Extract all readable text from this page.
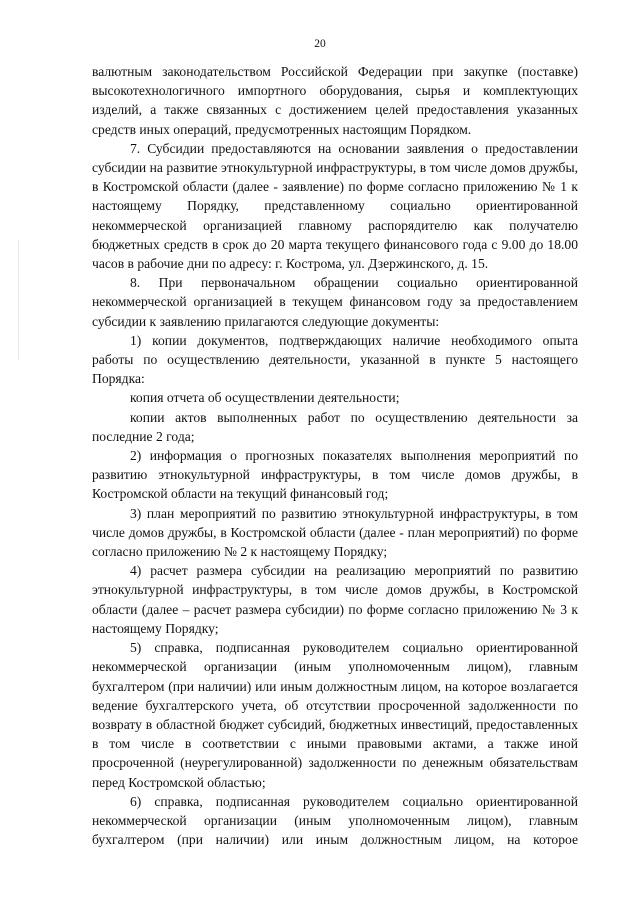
20

валютным законодательством Российской Федерации при закупке (поставке) высокотехнологичного импортного оборудования, сырья и комплектующих изделий, а также связанных с достижением целей предоставления указанных средств иных операций, предусмотренных настоящим Порядком.

7. Субсидии предоставляются на основании заявления о предоставлении субсидии на развитие этнокультурной инфраструктуры, в том числе домов дружбы, в Костромской области (далее - заявление) по форме согласно приложению № 1 к настоящему Порядку, представленному социально ориентированной некоммерческой организацией главному распорядителю как получателю бюджетных средств в срок до 20 марта текущего финансового года с 9.00 до 18.00 часов в рабочие дни по адресу: г. Кострома, ул. Дзержинского, д. 15.

8. При первоначальном обращении социально ориентированной некоммерческой организацией в текущем финансовом году за предоставлением субсидии к заявлению прилагаются следующие документы:

1) копии документов, подтверждающих наличие необходимого опыта работы по осуществлению деятельности, указанной в пункте 5 настоящего Порядка:

копия отчета об осуществлении деятельности;

копии актов выполненных работ по осуществлению деятельности за последние 2 года;

2) информация о прогнозных показателях выполнения мероприятий по развитию этнокультурной инфраструктуры, в том числе домов дружбы, в Костромской области на текущий финансовый год;

3) план мероприятий по развитию этнокультурной инфраструктуры, в том числе домов дружбы, в Костромской области (далее - план мероприятий) по форме согласно приложению № 2 к настоящему Порядку;

4) расчет размера субсидии на реализацию мероприятий по развитию этнокультурной инфраструктуры, в том числе домов дружбы, в Костромской области (далее – расчет размера субсидии) по форме согласно приложению № 3 к настоящему Порядку;

5) справка, подписанная руководителем социально ориентированной некоммерческой организации (иным уполномоченным лицом), главным бухгалтером (при наличии) или иным должностным лицом, на которое возлагается ведение бухгалтерского учета, об отсутствии просроченной задолженности по возврату в областной бюджет субсидий, бюджетных инвестиций, предоставленных в том числе в соответствии с иными правовыми актами, а также иной просроченной (неурегулированной) задолженности по денежным обязательствам перед Костромской областью;

6) справка, подписанная руководителем социально ориентированной некоммерческой организации (иным уполномоченным лицом), главным бухгалтером (при наличии) или иным должностным лицом, на которое
